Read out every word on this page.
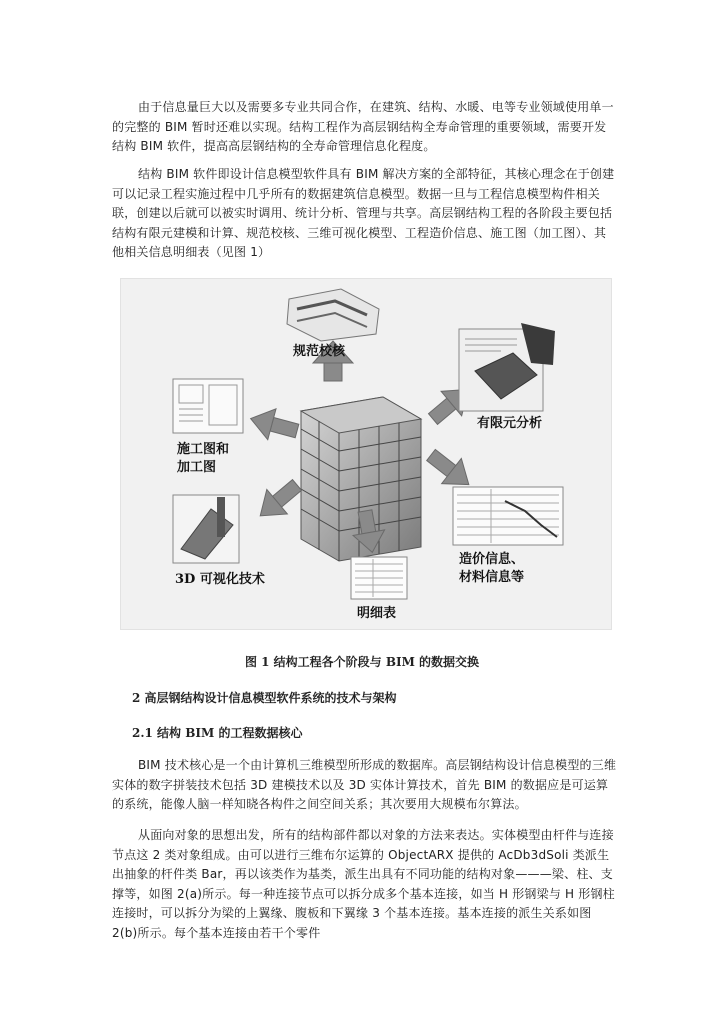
由于信息量巨大以及需要多专业共同合作，在建筑、结构、水暖、电等专业领域使用单一的完整的 BIM 暂时还难以实现。结构工程作为高层钢结构全寿命管理的重要领域，需要开发结构 BIM 软件，提高高层钢结构的全寿命管理信息化程度。

结构 BIM 软件即设计信息模型软件具有 BIM 解决方案的全部特征，其核心理念在于创建可以记录工程实施过程中几乎所有的数据建筑信息模型。数据一旦与工程信息模型构件相关联，创建以后就可以被实时调用、统计分析、管理与共享。高层钢结构工程的各阶段主要包括结构有限元建模和计算、规范校核、三维可视化模型、工程造价信息、施工图（加工图）、其他相关信息明细表（见图 1）

规范校核
有限元分析
施工图和
加工图
造价信息、
材料信息等
3D 可视化技术
明细表
图 1 结构工程各个阶段与 BIM 的数据交换
2 高层钢结构设计信息模型软件系统的技术与架构
2.1 结构 BIM 的工程数据核心

BIM 技术核心是一个由计算机三维模型所形成的数据库。高层钢结构设计信息模型的三维实体的数字拼装技术包括 3D 建模技术以及 3D 实体计算技术，首先 BIM 的数据应是可运算的系统，能像人脑一样知晓各构件之间空间关系；其次要用大规模布尔算法。

从面向对象的思想出发，所有的结构部件都以对象的方法来表达。实体模型由杆件与连接节点这 2 类对象组成。由可以进行三维布尔运算的 ObjectARX 提供的 AcDb3dSoli 类派生出抽象的杆件类 Bar，再以该类作为基类，派生出具有不同功能的结构对象———梁、柱、支撑等，如图 2(a)所示。每一种连接节点可以拆分成多个基本连接，如当 H 形钢梁与 H 形钢柱连接时，可以拆分为梁的上翼缘、腹板和下翼缘 3 个基本连接。基本连接的派生关系如图 2(b)所示。每个基本连接由若干个零件
